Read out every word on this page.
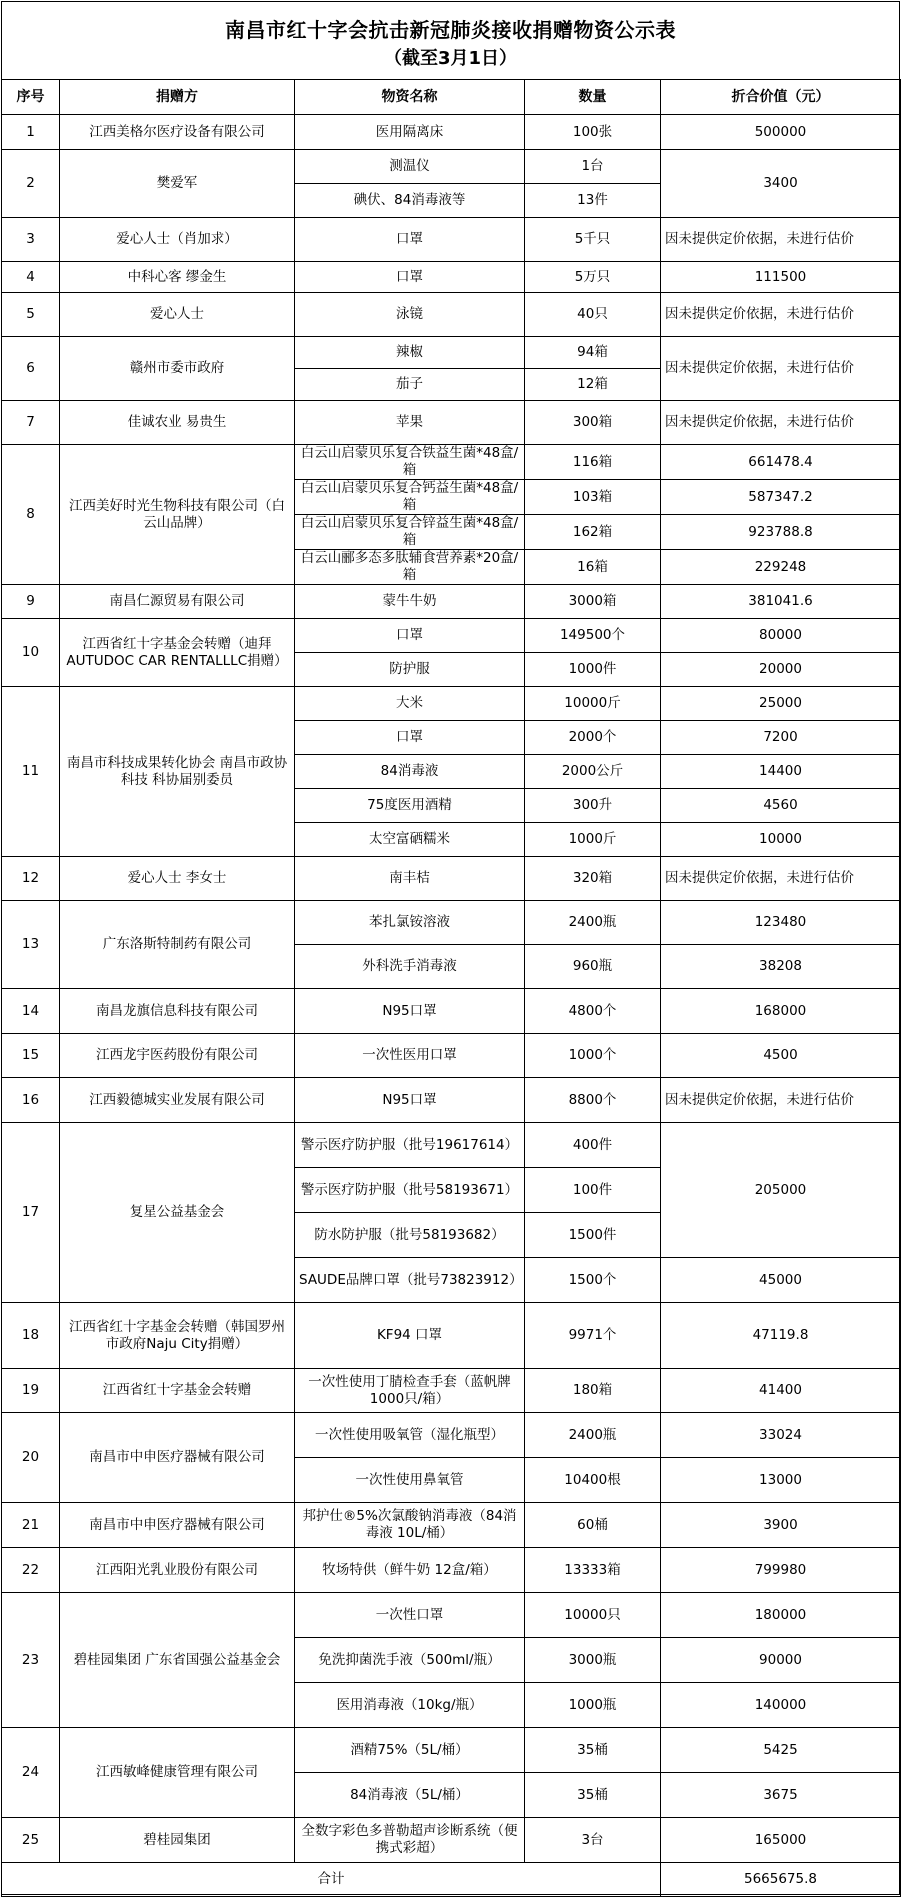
南昌市红十字会抗击新冠肺炎接收捐赠物资公示表
（截至3月1日）
序号	捐赠方	物资名称	数量	折合价值（元）
1	江西美格尔医疗设备有限公司	医用隔离床	100张	500000
2	樊爱军	测温仪	1台	3400
		碘伏、84消毒液等	13件	
3	爱心人士（肖加求）	口罩	5千只	因未提供定价依据，未进行估价
4	中科心客 缪金生	口罩	5万只	111500
5	爱心人士	泳镜	40只	因未提供定价依据，未进行估价
6	赣州市委市政府	辣椒	94箱	因未提供定价依据，未进行估价
		茄子	12箱	
7	佳诚农业 易贵生	苹果	300箱	因未提供定价依据，未进行估价
8	江西美好时光生物科技有限公司（白云山品牌）	白云山启蒙贝乐复合铁益生菌*48盒/箱	116箱	661478.4
		白云山启蒙贝乐复合钙益生菌*48盒/箱	103箱	587347.2
		白云山启蒙贝乐复合锌益生菌*48盒/箱	162箱	923788.8
		白云山郦多态多肽辅食营养素*20盒/箱	16箱	229248
9	南昌仁源贸易有限公司	蒙牛牛奶	3000箱	381041.6
10	江西省红十字基金会转赠（迪拜AUTUDOC CAR RENTALLLC捐赠）	口罩	149500个	80000
		防护服	1000件	20000
11	南昌市科技成果转化协会 南昌市政协科技 科协届别委员	大米	10000斤	25000
		口罩	2000个	7200
		84消毒液	2000公斤	14400
		75度医用酒精	300升	4560
		太空富硒糯米	1000斤	10000
12	爱心人士 李女士	南丰桔	320箱	因未提供定价依据，未进行估价
13	广东洛斯特制药有限公司	苯扎氯铵溶液	2400瓶	123480
		外科洗手消毒液	960瓶	38208
14	南昌龙旗信息科技有限公司	N95口罩	4800个	168000
15	江西龙宇医药股份有限公司	一次性医用口罩	1000个	4500
16	江西毅德城实业发展有限公司	N95口罩	8800个	因未提供定价依据，未进行估价
17	复星公益基金会	警示医疗防护服（批号19617614）	400件	205000
		警示医疗防护服（批号58193671）	100件	
		防水防护服（批号58193682）	1500件	
		SAUDE品牌口罩（批号73823912）	1500个	45000
18	江西省红十字基金会转赠（韩国罗州市政府Naju City捐赠）	KF94 口罩	9971个	47119.8
19	江西省红十字基金会转赠	一次性使用丁腈检查手套（蓝帆牌 1000只/箱）	180箱	41400
20	南昌市中申医疗器械有限公司	一次性使用吸氧管（湿化瓶型）	2400瓶	33024
		一次性使用鼻氧管	10400根	13000
21	南昌市中申医疗器械有限公司	邦护仕®5%次氯酸钠消毒液（84消毒液 10L/桶）	60桶	3900
22	江西阳光乳业股份有限公司	牧场特供（鲜牛奶 12盒/箱）	13333箱	799980
23	碧桂园集团 广东省国强公益基金会	一次性口罩	10000只	180000
		免洗抑菌洗手液（500ml/瓶）	3000瓶	90000
		医用消毒液（10kg/瓶）	1000瓶	140000
24	江西敏峰健康管理有限公司	酒精75%（5L/桶）	35桶	5425
		84消毒液（5L/桶）	35桶	3675
25	碧桂园集团	全数字彩色多普勒超声诊断系统（便携式彩超）	3台	165000
合计				5665675.8
